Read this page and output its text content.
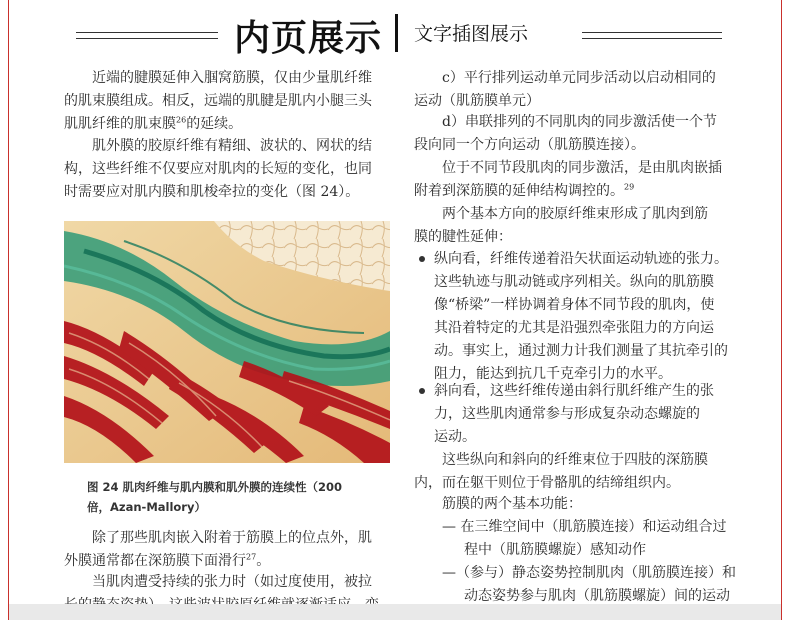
内页展示 文字插图展示
近端的腱膜延伸入腘窝筋膜，仅由少量肌纤维
的肌束膜组成。相反，远端的肌腱是肌内小腿三头
肌肌纤维的肌束膜$^{26}$的延续。
肌外膜的胶原纤维有精细、波状的、网状的结
构，这些纤维不仅要应对肌肉的长短的变化，也同
时需要应对肌内膜和肌梭牵拉的变化（图 24）。
图 24 肌肉纤维与肌内膜和肌外膜的连续性（200
倍，Azan-Mallory）
除了那些肌肉嵌入附着于筋膜上的位点外，肌
外膜通常都在深筋膜下面滑行$^{27}$。
当肌肉遭受持续的张力时（如过度使用，被拉
c）平行排列运动单元同步活动以启动相同的
运动（肌筋膜单元）
d）串联排列的不同肌肉的同步激活使一个节
段向同一个方向运动（肌筋膜连接）。
位于不同节段肌肉的同步激活，是由肌肉嵌插
附着到深筋膜的延伸结构调控的。$^{29}$
两个基本方向的胶原纤维束形成了肌肉到筋
膜的腱性延伸：
纵向看，纤维传递着沿矢状面运动轨迹的张力。
这些轨迹与肌动链或序列相关。纵向的肌筋膜
像“桥梁”一样协调着身体不同节段的肌肉，使
其沿着特定的尤其是沿强烈牵张阻力的方向运
动。事实上，通过测力计我们测量了其抗牵引的
阻力，能达到抗几千克牵引力的水平。
斜向看，这些纤维传递由斜行肌纤维产生的张
力，这些肌肉通常参与形成复杂动态螺旋的
运动。
这些纵向和斜向的纤维束位于四肢的深筋膜
内，而在躯干则位于骨骼肌的结缔组织内。
筋膜的两个基本功能：
— 在三维空间中（肌筋膜连接）和运动组合过
程中（肌筋膜螺旋）感知动作
—（参与）静态姿势控制肌肉（肌筋膜连接）和
动态姿势参与肌肉（肌筋膜螺旋）间的运动
